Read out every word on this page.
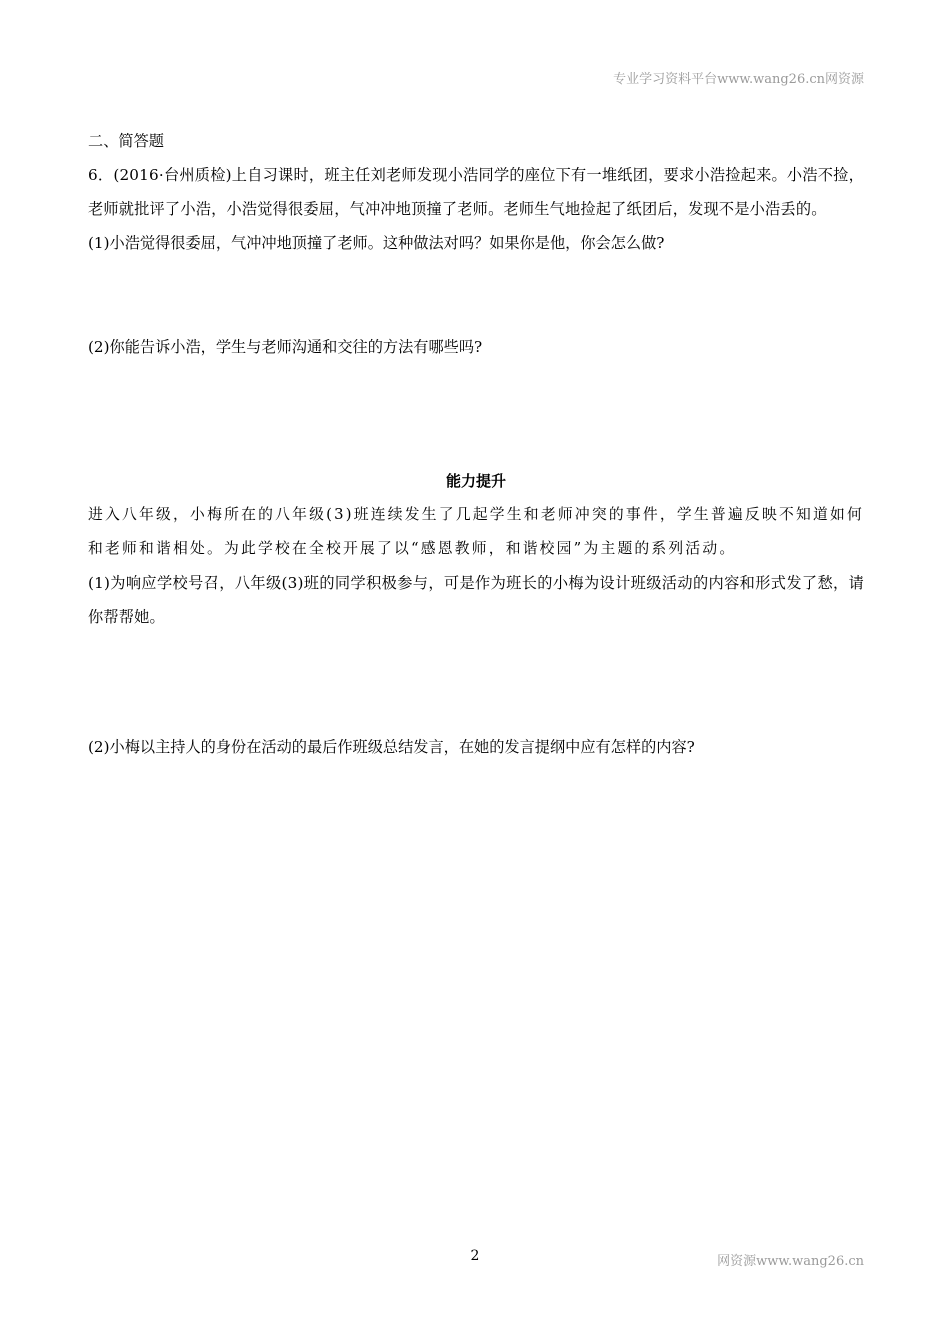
专业学习资料平台www.wang26.cn网资源

二、简答题

6．(2016·台州质检)上自习课时，班主任刘老师发现小浩同学的座位下有一堆纸团，要求小浩捡起来。小浩不捡，老师就批评了小浩，小浩觉得很委屈，气冲冲地顶撞了老师。老师生气地捡起了纸团后，发现不是小浩丢的。

(1)小浩觉得很委屈，气冲冲地顶撞了老师。这种做法对吗？如果你是他，你会怎么做?

(2)你能告诉小浩，学生与老师沟通和交往的方法有哪些吗?

能力提升

进入八年级，小梅所在的八年级(3)班连续发生了几起学生和老师冲突的事件，学生普遍反映不知道如何和老师和谐相处。为此学校在全校开展了以“感恩教师，和谐校园”为主题的系列活动。

(1)为响应学校号召，八年级(3)班的同学积极参与，可是作为班长的小梅为设计班级活动的内容和形式发了愁，请你帮帮她。

(2)小梅以主持人的身份在活动的最后作班级总结发言，在她的发言提纲中应有怎样的内容?

2	网资源www.wang26.cn
